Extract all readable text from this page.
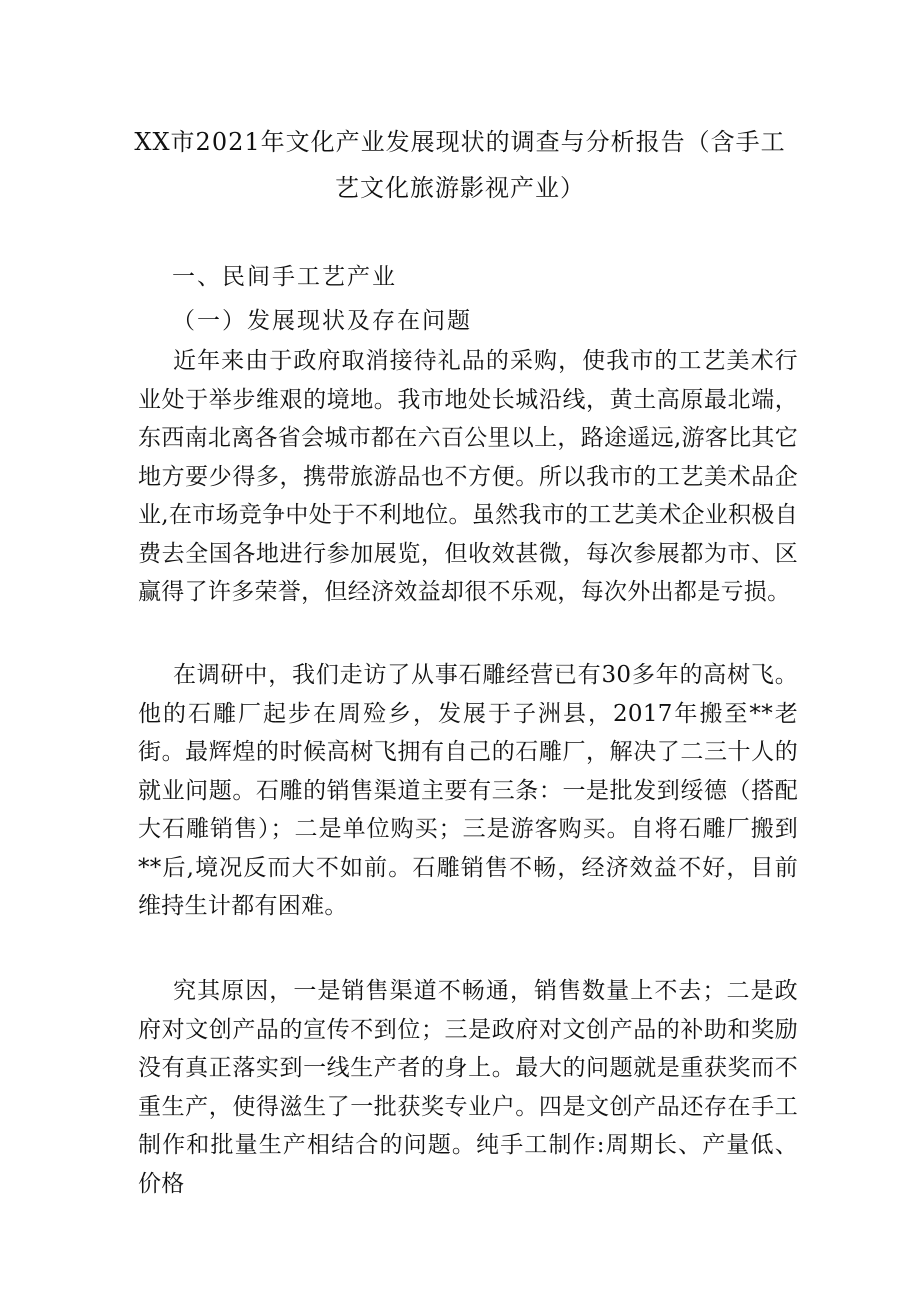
XX市2021年文化产业发展现状的调查与分析报告（含手工
艺文化旅游影视产业）
一、民间手工艺产业
（一）发展现状及存在问题

近年来由于政府取消接待礼品的采购，使我市的工艺美术行业处于举步维艰的境地。我市地处长城沿线，黄土高原最北端，东西南北离各省会城市都在六百公里以上，路途遥远,游客比其它地方要少得多，携带旅游品也不方便。所以我市的工艺美术品企业,在市场竞争中处于不利地位。虽然我市的工艺美术企业积极自费去全国各地进行参加展览，但收效甚微，每次参展都为市、区赢得了许多荣誉，但经济效益却很不乐观，每次外出都是亏损。

在调研中，我们走访了从事石雕经营已有30多年的高树飞。他的石雕厂起步在周殓乡，发展于子洲县，2017年搬至**老街。最辉煌的时候高树飞拥有自己的石雕厂，解决了二三十人的就业问题。石雕的销售渠道主要有三条：一是批发到绥德（搭配大石雕销售）；二是单位购买；三是游客购买。自将石雕厂搬到**后,境况反而大不如前。石雕销售不畅，经济效益不好，目前维持生计都有困难。

究其原因，一是销售渠道不畅通，销售数量上不去；二是政府对文创产品的宣传不到位；三是政府对文创产品的补助和奖励没有真正落实到一线生产者的身上。最大的问题就是重获奖而不重生产，使得滋生了一批获奖专业户。四是文创产品还存在手工制作和批量生产相结合的问题。纯手工制作:周期长、产量低、价格
